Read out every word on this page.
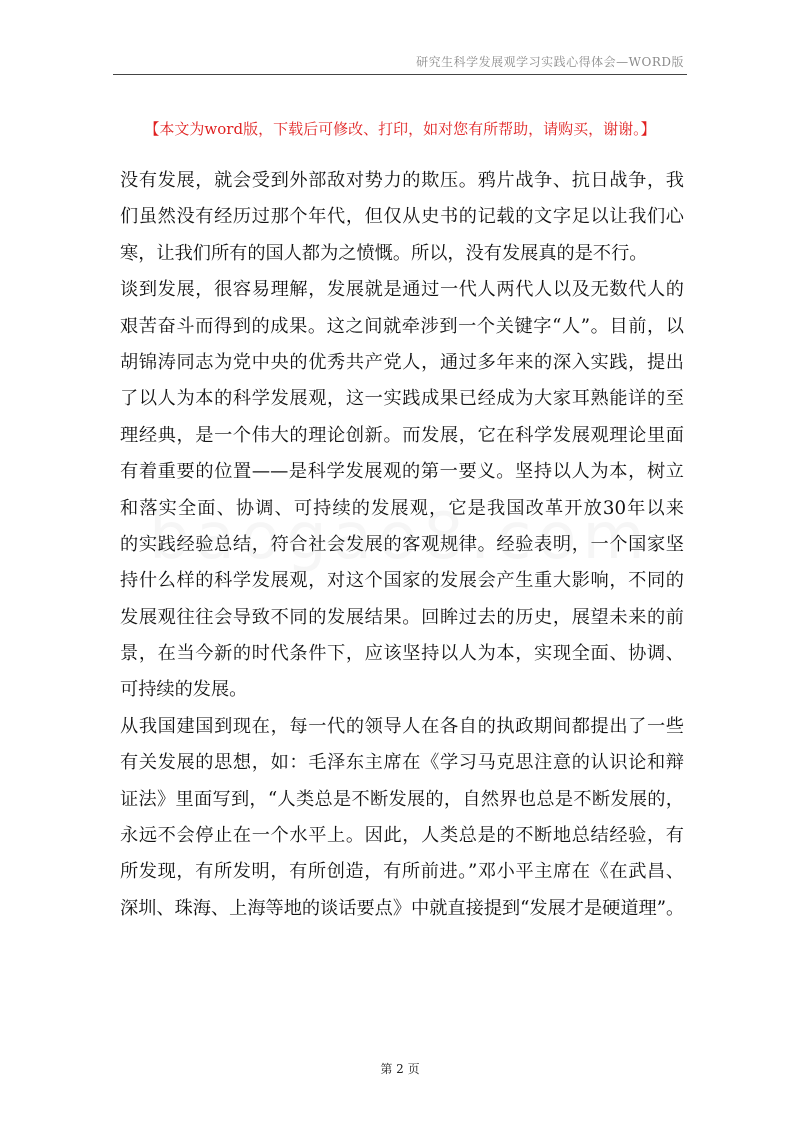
研究生科学发展观学习实践心得体会—WORD版
【本文为word版，下载后可修改、打印，如对您有所帮助，请购买，谢谢。】
没有发展，就会受到外部敌对势力的欺压。鸦片战争、抗日战争，我
们虽然没有经历过那个年代，但仅从史书的记载的文字足以让我们心
寒，让我们所有的国人都为之愤慨。所以，没有发展真的是不行。
谈到发展，很容易理解，发展就是通过一代人两代人以及无数代人的
艰苦奋斗而得到的成果。这之间就牵涉到一个关键字“人”。目前，以
胡锦涛同志为党中央的优秀共产党人，通过多年来的深入实践，提出
了以人为本的科学发展观，这一实践成果已经成为大家耳熟能详的至
理经典，是一个伟大的理论创新。而发展，它在科学发展观理论里面
有着重要的位置——是科学发展观的第一要义。坚持以人为本，树立
和落实全面、协调、可持续的发展观，它是我国改革开放30年以来
的实践经验总结，符合社会发展的客观规律。经验表明，一个国家坚
持什么样的科学发展观，对这个国家的发展会产生重大影响，不同的
发展观往往会导致不同的发展结果。回眸过去的历史，展望未来的前
景，在当今新的时代条件下，应该坚持以人为本，实现全面、协调、
可持续的发展。
从我国建国到现在，每一代的领导人在各自的执政期间都提出了一些
有关发展的思想，如：毛泽东主席在《学习马克思注意的认识论和辩
证法》里面写到，“人类总是不断发展的，自然界也总是不断发展的，
永远不会停止在一个水平上。因此，人类总是的不断地总结经验，有
所发现，有所发明，有所创造，有所前进。”邓小平主席在《在武昌、
深圳、珠海、上海等地的谈话要点》中就直接提到“发展才是硬道理”。
第 2 页
